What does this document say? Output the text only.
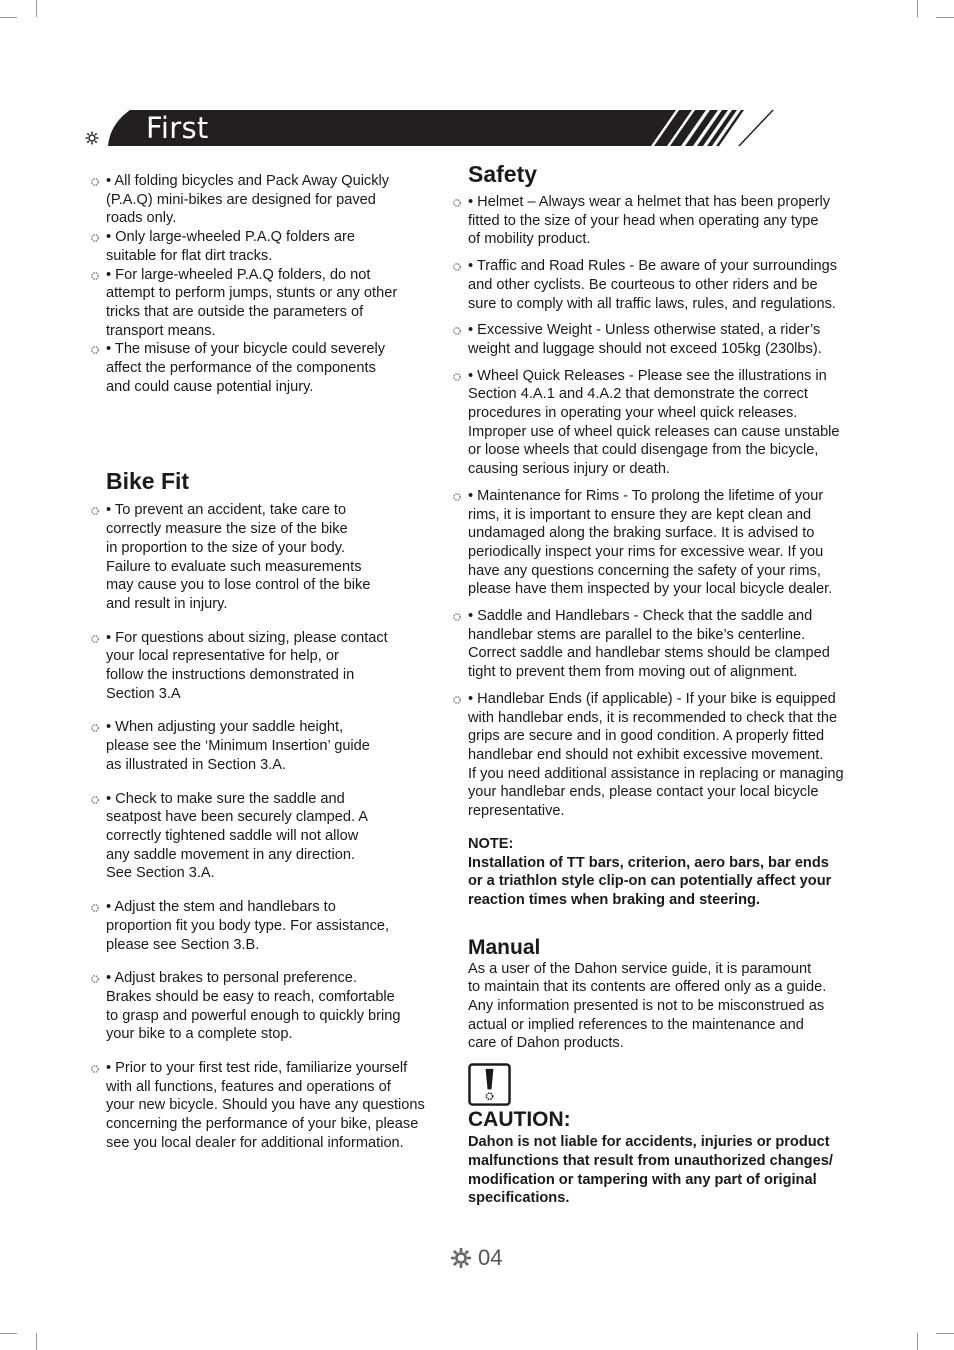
First
• All folding bicycles and Pack Away Quickly
(P.A.Q) mini-bikes are designed for paved
roads only.
• Only large-wheeled P.A.Q folders are
suitable for flat dirt tracks.
• For large-wheeled P.A.Q folders, do not
attempt to perform jumps, stunts or any other
tricks that are outside the parameters of
transport means.
• The misuse of your bicycle could severely
affect the performance of the components
and could cause potential injury.
Bike Fit
• To prevent an accident, take care to
correctly measure the size of the bike
in proportion to the size of your body.
Failure to evaluate such measurements
may cause you to lose control of the bike
and result in injury.
• For questions about sizing, please contact
your local representative for help, or
follow the instructions demonstrated in
Section 3.A
• When adjusting your saddle height,
please see the ‘Minimum Insertion’ guide
as illustrated in Section 3.A.
• Check to make sure the saddle and
seatpost have been securely clamped. A
correctly tightened saddle will not allow
any saddle movement in any direction.
See Section 3.A.
• Adjust the stem and handlebars to
proportion fit you body type. For assistance,
please see Section 3.B.
• Adjust brakes to personal preference.
Brakes should be easy to reach, comfortable
to grasp and powerful enough to quickly bring
your bike to a complete stop.
• Prior to your first test ride, familiarize yourself
with all functions, features and operations of
your new bicycle. Should you have any questions
concerning the performance of your bike, please
see you local dealer for additional information.
Safety
• Helmet – Always wear a helmet that has been properly
fitted to the size of your head when operating any type
of mobility product.
• Traffic and Road Rules - Be aware of your surroundings
and other cyclists. Be courteous to other riders and be
sure to comply with all traffic laws, rules, and regulations.
• Excessive Weight - Unless otherwise stated, a rider’s
weight and luggage should not exceed 105kg (230lbs).
• Wheel Quick Releases - Please see the illustrations in
Section 4.A.1 and 4.A.2 that demonstrate the correct
procedures in operating your wheel quick releases.
Improper use of wheel quick releases can cause unstable
or loose wheels that could disengage from the bicycle,
causing serious injury or death.
• Maintenance for Rims - To prolong the lifetime of your
rims, it is important to ensure they are kept clean and
undamaged along the braking surface. It is advised to
periodically inspect your rims for excessive wear. If you
have any questions concerning the safety of your rims,
please have them inspected by your local bicycle dealer.
• Saddle and Handlebars - Check that the saddle and
handlebar stems are parallel to the bike’s centerline.
Correct saddle and handlebar stems should be clamped
tight to prevent them from moving out of alignment.
• Handlebar Ends (if applicable) - If your bike is equipped
with handlebar ends, it is recommended to check that the
grips are secure and in good condition. A properly fitted
handlebar end should not exhibit excessive movement.
If you need additional assistance in replacing or managing
your handlebar ends, please contact your local bicycle
representative.
NOTE:
Installation of TT bars, criterion, aero bars, bar ends
or a triathlon style clip-on can potentially affect your
reaction times when braking and steering.
Manual
As a user of the Dahon service guide, it is paramount
to maintain that its contents are offered only as a guide.
Any information presented is not to be misconstrued as
actual or implied references to the maintenance and
care of Dahon products.
CAUTION:
Dahon is not liable for accidents, injuries or product
malfunctions that result from unauthorized changes/
modification or tampering with any part of original
specifications.
04
